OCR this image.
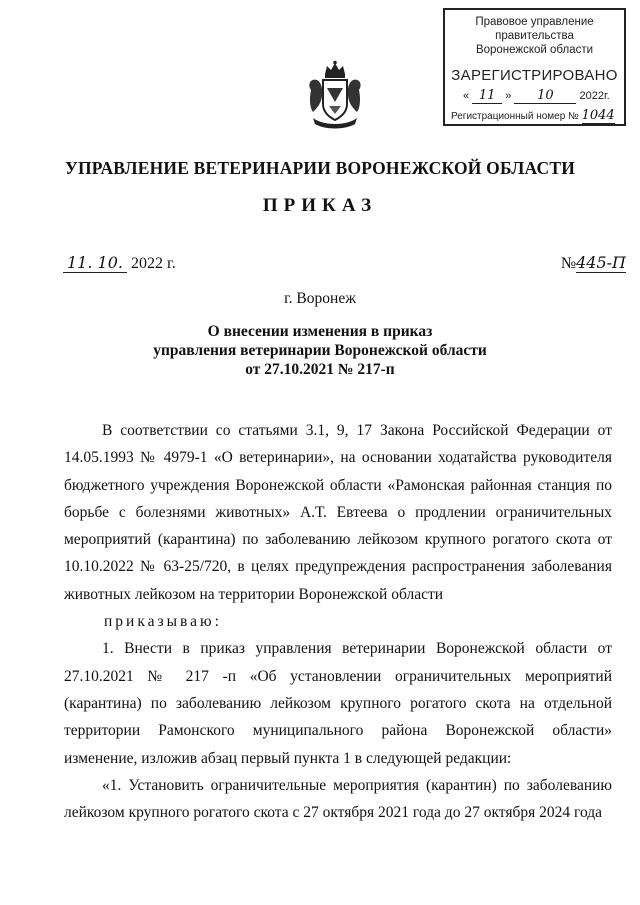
Правовое управление правительства
Воронежской области
ЗАРЕГИСТРИРОВАНО
« 11 » 10 2022г.
Регистрационный номер № 1044
УПРАВЛЕНИЕ ВЕТЕРИНАРИИ ВОРОНЕЖСКОЙ ОБЛАСТИ
ПРИКАЗ
11. 10. 2022 г.	№445-П
г. Воронеж
О внесении изменения в приказ
управления ветеринарии Воронежской области
от 27.10.2021 № 217-п

В соответствии со статьями 3.1, 9, 17 Закона Российской Федерации от 14.05.1993 № 4979-1 «О ветеринарии», на основании ходатайства руководителя бюджетного учреждения Воронежской области «Рамонская районная станция по борьбе с болезнями животных» А.Т. Евтеева о продлении ограничительных мероприятий (карантина) по заболеванию лейкозом крупного рогатого скота от 10.10.2022 № 63-25/720, в целях предупреждения распространения заболевания животных лейкозом на территории Воронежской области

приказываю:

1. Внести в приказ управления ветеринарии Воронежской области от 27.10.2021 № 217 -п «Об установлении ограничительных мероприятий (карантина) по заболеванию лейкозом крупного рогатого скота на отдельной территории Рамонского муниципального района Воронежской области» изменение, изложив абзац первый пункта 1 в следующей редакции:

«1. Установить ограничительные мероприятия (карантин) по заболеванию лейкозом крупного рогатого скота с 27 октября 2021 года до 27 октября 2024 года
